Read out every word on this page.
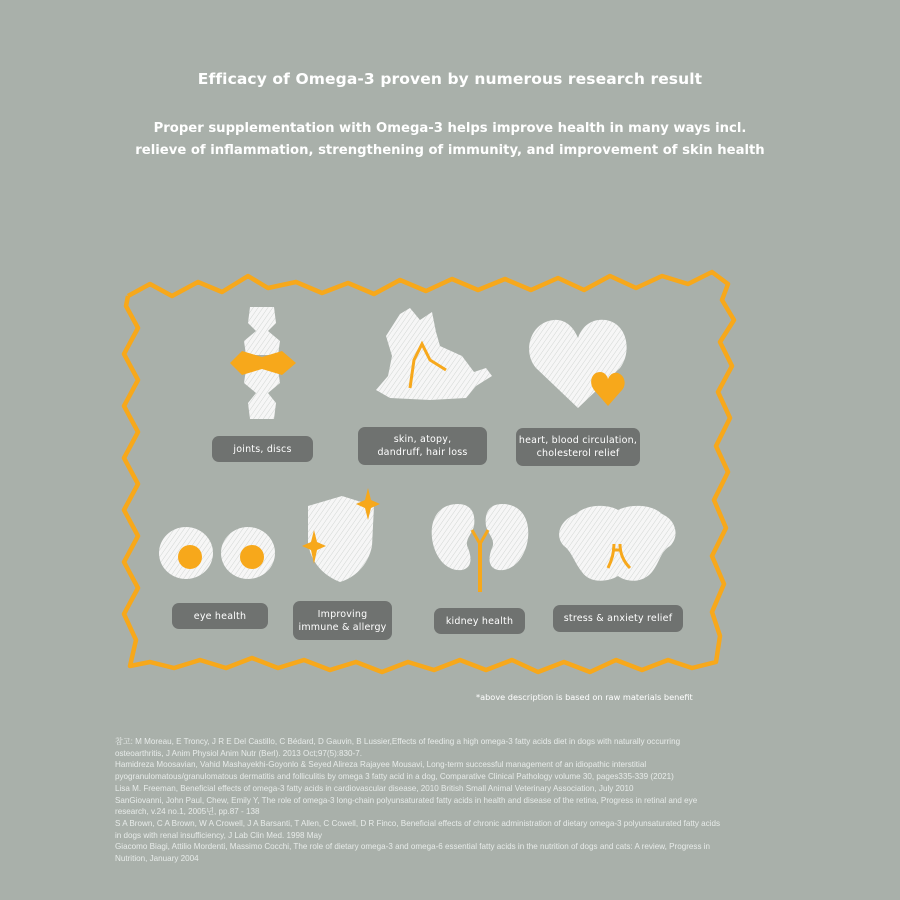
Efficacy of Omega-3 proven by numerous research result
Proper supplementation with Omega-3 helps improve health in many ways incl.
relieve of inflammation, strengthening of immunity, and improvement of skin health
joints, discs
skin, atopy,
dandruff, hair loss
heart, blood circulation,
cholesterol relief
eye health	Improving
immune & allergy
kidney health	stress & anxiety relief
*above description is based on raw materials benefit
참고: M Moreau, E Troncy, J R E Del Castillo, C Bédard, D Gauvin, B Lussier,Effects of feeding a high omega-3 fatty acids diet in dogs with naturally occurring osteoarthritis, J Anim Physiol Anim Nutr (Berl). 2013 Oct;97(5):830-7.
Hamidreza Moosavian, Vahid Mashayekhi-Goyonlo & Seyed Alireza Rajayee Mousavi, Long-term successful management of an idiopathic interstitial pyogranulomatous/granulomatous dermatitis and folliculitis by omega 3 fatty acid in a dog, Comparative Clinical Pathology volume 30, pages335-339 (2021)
Lisa M. Freeman, Beneficial effects of omega-3 fatty acids in cardiovascular disease, 2010 British Small Animal Veterinary Association, July 2010
SanGiovanni, John Paul, Chew, Emily Y, The role of omega-3 long-chain polyunsaturated fatty acids in health and disease of the retina, Progress in retinal and eye research, v.24 no.1, 2005년, pp.87 - 138
S A Brown, C A Brown, W A Crowell, J A Barsanti, T Allen, C Cowell, D R Finco, Beneficial effects of chronic administration of dietary omega-3 polyunsaturated fatty acids in dogs with renal insufficiency, J Lab Clin Med. 1998 May
Giacomo Biagi, Attilio Mordenti, Massimo Cocchi, The role of dietary omega-3 and omega-6 essential fatty acids in the nutrition of dogs and cats: A review, Progress in Nutrition, January 2004
